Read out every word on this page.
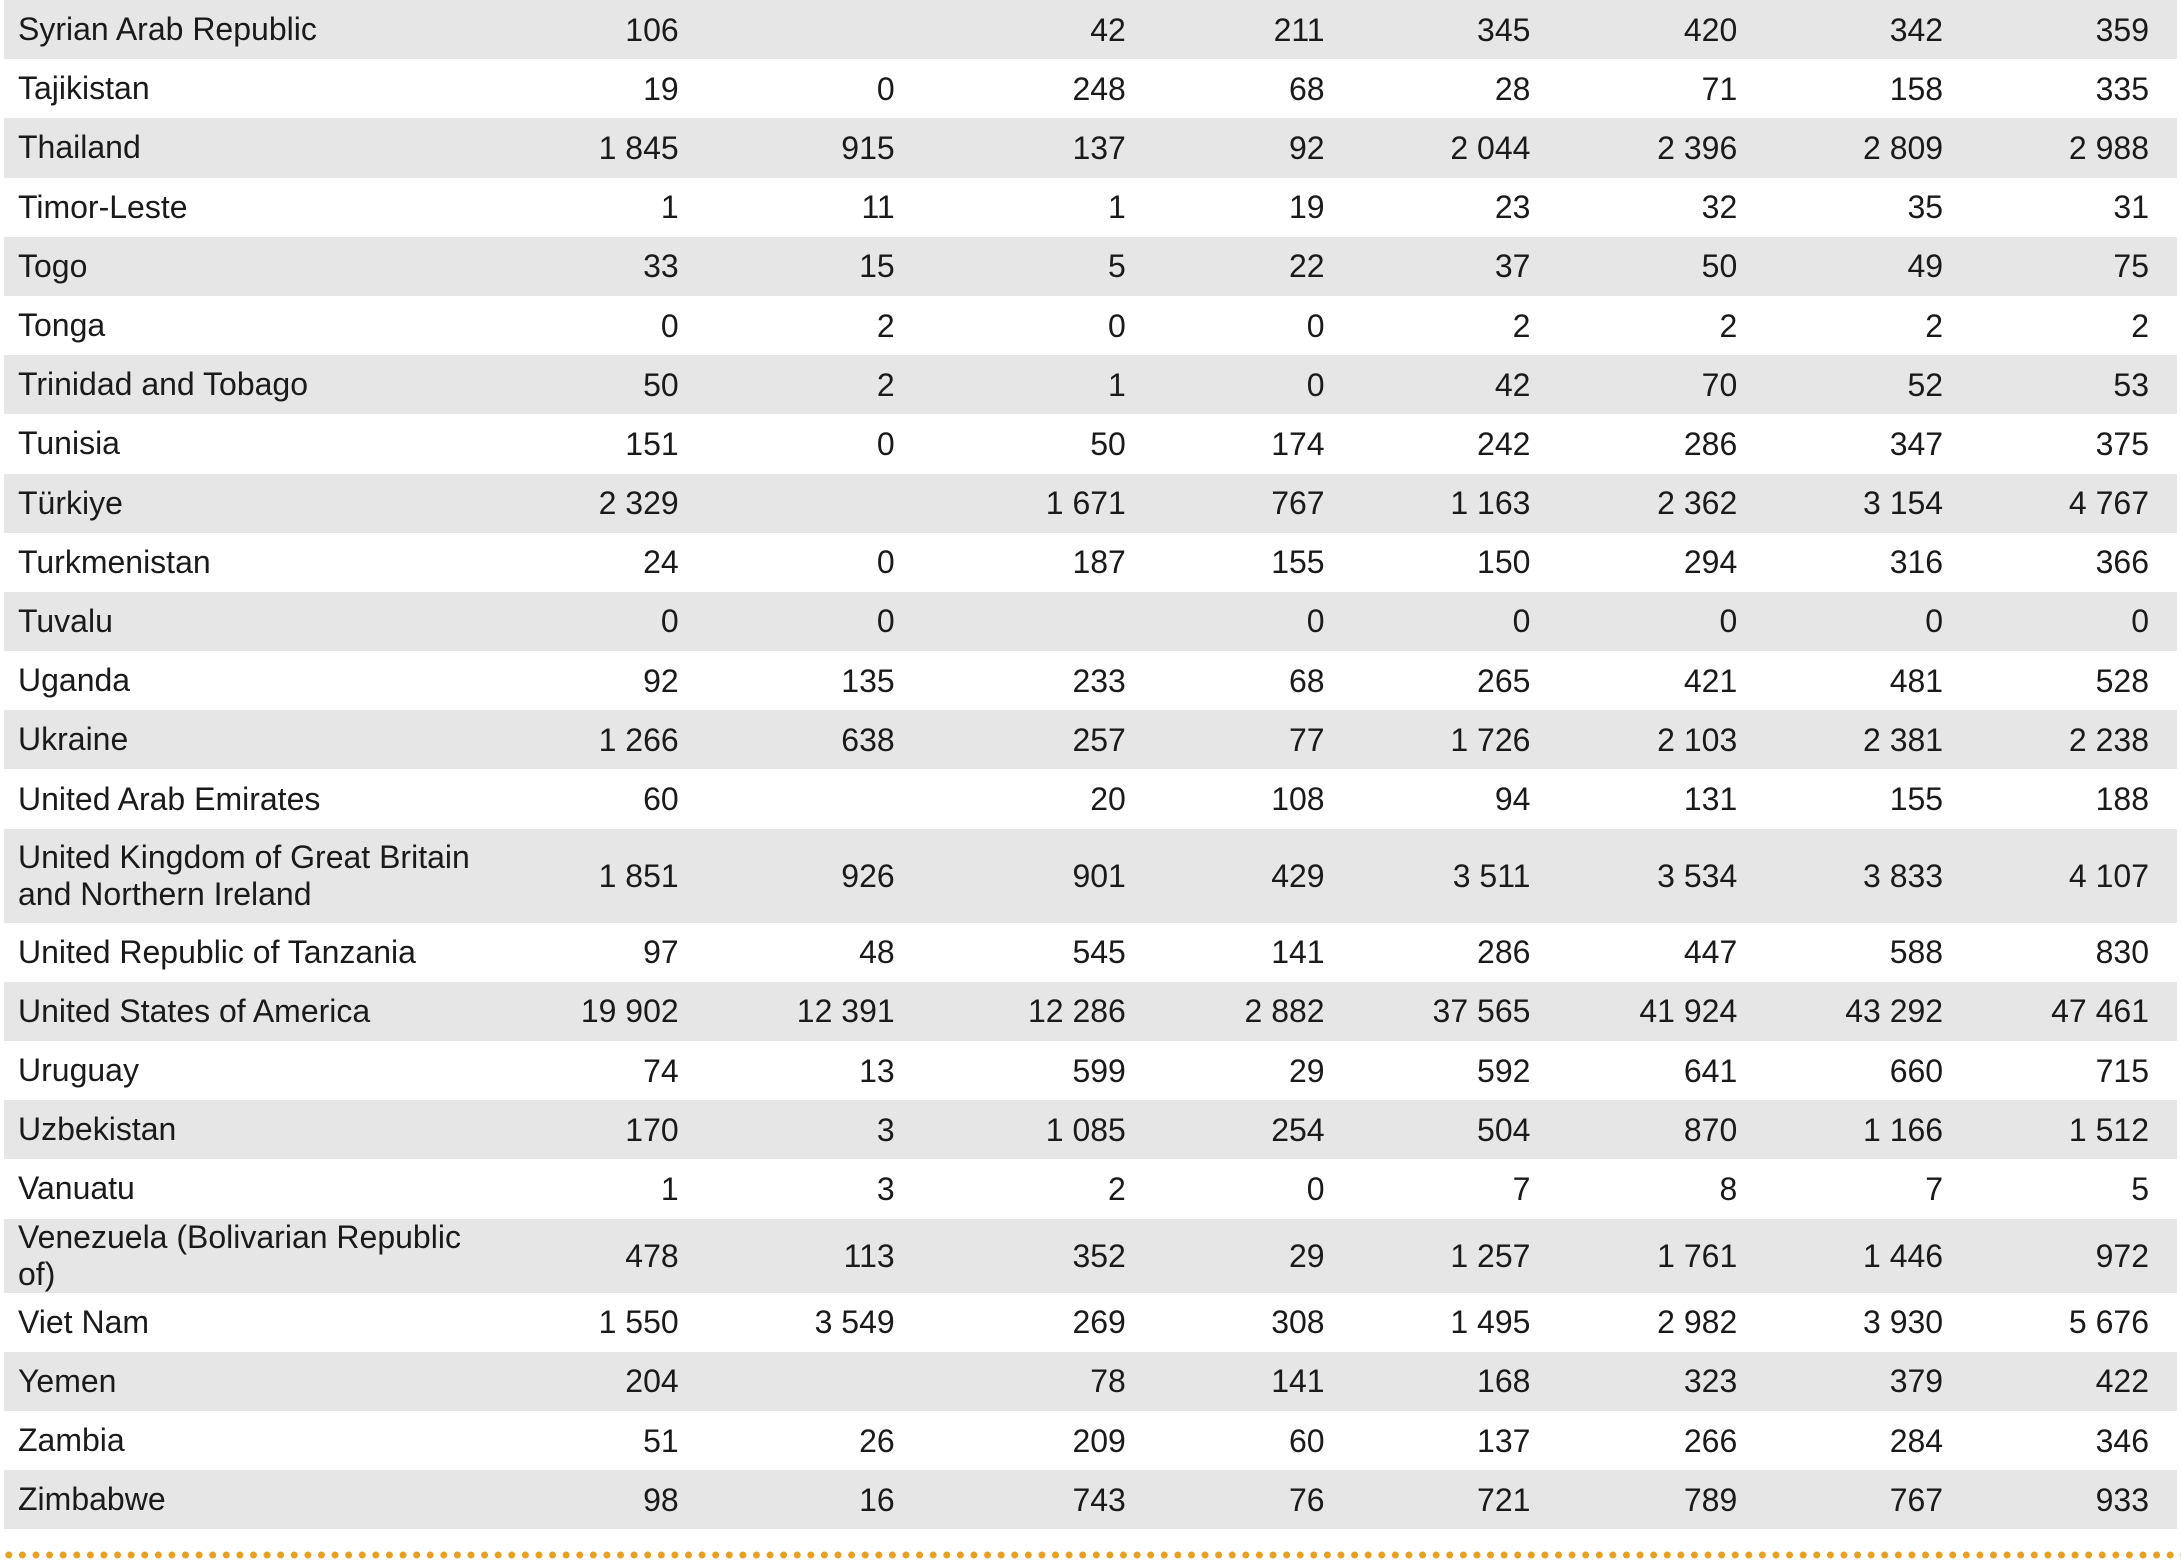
Syrian Arab Republic	106		42	211	345	420	342	359
Tajikistan	19	0	248	68	28	71	158	335
Thailand	1 845	915	137	92	2 044	2 396	2 809	2 988
Timor-Leste	1	11	1	19	23	32	35	31
Togo	33	15	5	22	37	50	49	75
Tonga	0	2	0	0	2	2	2	2
Trinidad and Tobago	50	2	1	0	42	70	52	53
Tunisia	151	0	50	174	242	286	347	375
Türkiye	2 329		1 671	767	1 163	2 362	3 154	4 767
Turkmenistan	24	0	187	155	150	294	316	366
Tuvalu	0	0		0	0	0	0	0
Uganda	92	135	233	68	265	421	481	528
Ukraine	1 266	638	257	77	1 726	2 103	2 381	2 238
United Arab Emirates	60		20	108	94	131	155	188
United Kingdom of Great Britain and Northern Ireland	1 851	926	901	429	3 511	3 534	3 833	4 107
United Republic of Tanzania	97	48	545	141	286	447	588	830
United States of America	19 902	12 391	12 286	2 882	37 565	41 924	43 292	47 461
Uruguay	74	13	599	29	592	641	660	715
Uzbekistan	170	3	1 085	254	504	870	1 166	1 512
Vanuatu	1	3	2	0	7	8	7	5
Venezuela (Bolivarian Republic of)	478	113	352	29	1 257	1 761	1 446	972
Viet Nam	1 550	3 549	269	308	1 495	2 982	3 930	5 676
Yemen	204		78	141	168	323	379	422
Zambia	51	26	209	60	137	266	284	346
Zimbabwe	98	16	743	76	721	789	767	933
